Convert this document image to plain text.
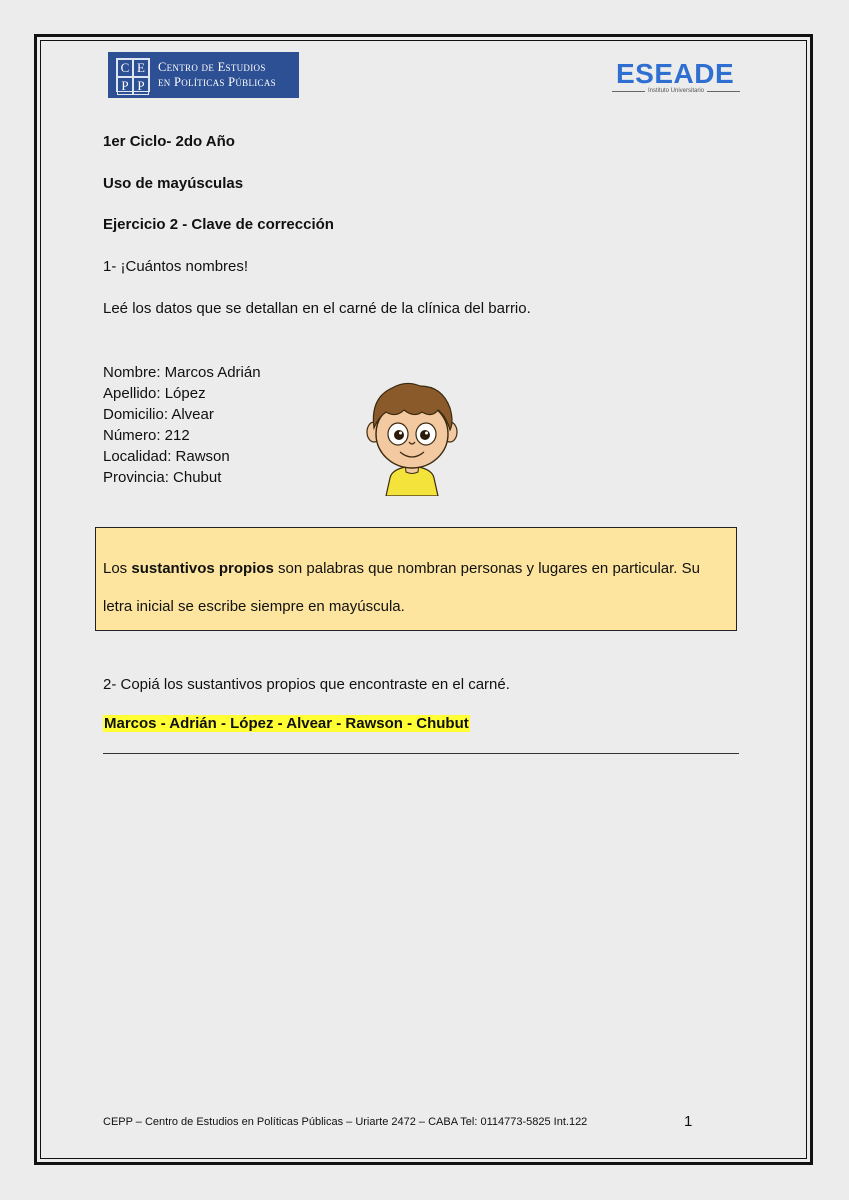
C E
P P
Centro de Estudios
en Políticas Públicas	ESEADE
Instituto Universitario
1er Ciclo- 2do Año
Uso de mayúsculas
Ejercicio 2 - Clave de corrección
1- ¡Cuántos nombres!
Leé los datos que se detallan en el carné de la clínica del barrio.
Nombre: Marcos Adrián
Apellido: López
Domicilio: Alvear
Número: 212
Localidad: Rawson
Provincia: Chubut
Los sustantivos propios son palabras que nombran personas y lugares en particular. Su letra inicial se escribe siempre en mayúscula.
2- Copiá los sustantivos propios que encontraste en el carné.
Marcos - Adrián - López - Alvear - Rawson - Chubut
CEPP – Centro de Estudios en Políticas Públicas – Uriarte 2472 – CABA Tel: 0114773-5825 Int.122	1
